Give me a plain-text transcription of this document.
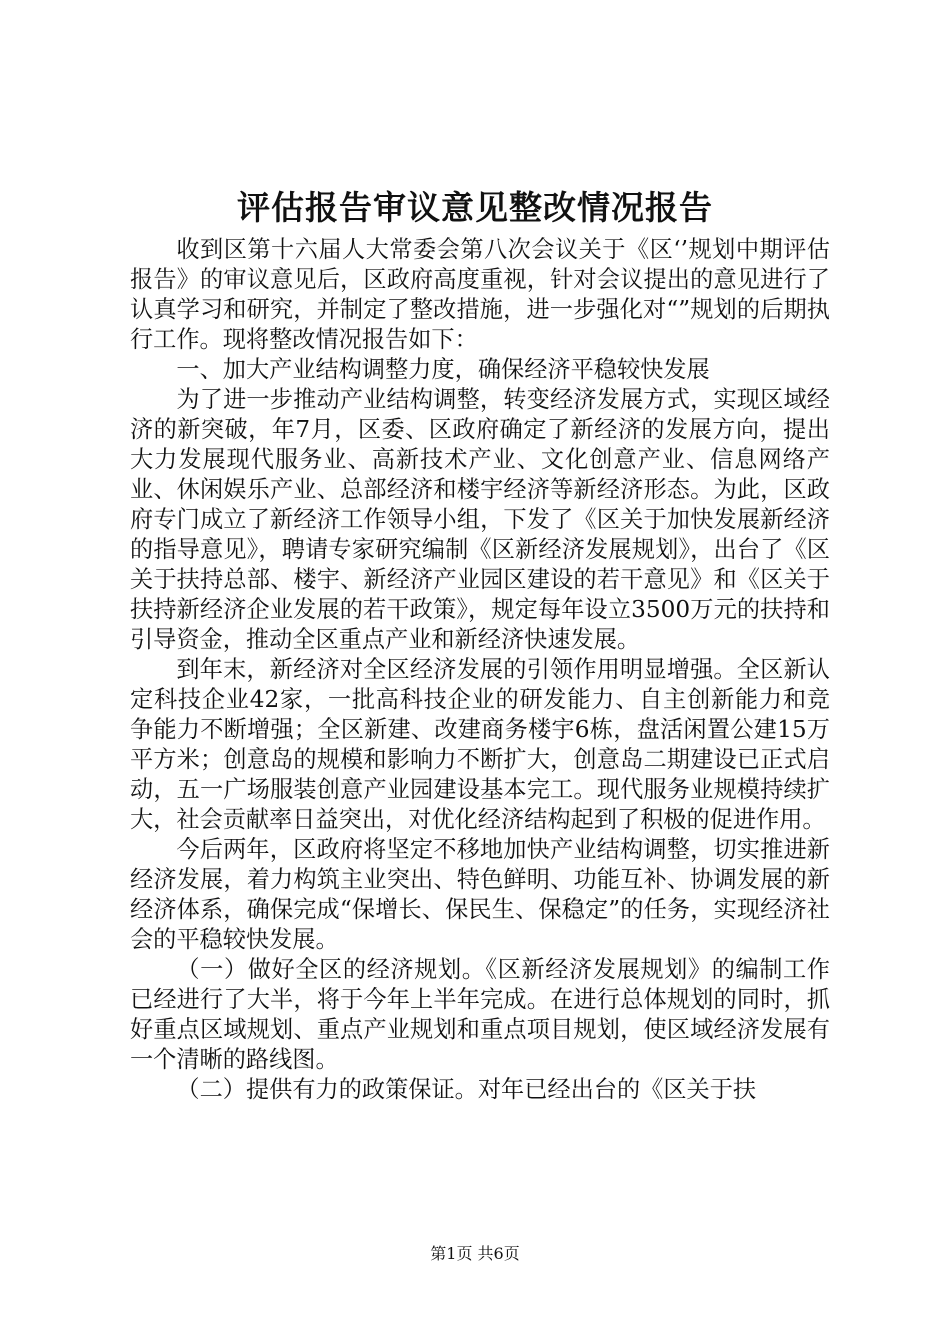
评估报告审议意见整改情况报告

收到区第十六届人大常委会第八次会议关于《区‘’规划中期评估报告》的审议意见后，区政府高度重视，针对会议提出的意见进行了认真学习和研究，并制定了整改措施，进一步强化对“”规划的后期执行工作。现将整改情况报告如下：

一、加大产业结构调整力度，确保经济平稳较快发展

为了进一步推动产业结构调整，转变经济发展方式，实现区域经济的新突破，年7月，区委、区政府确定了新经济的发展方向，提出大力发展现代服务业、高新技术产业、文化创意产业、信息网络产业、休闲娱乐产业、总部经济和楼宇经济等新经济形态。为此，区政府专门成立了新经济工作领导小组，下发了《区关于加快发展新经济的指导意见》，聘请专家研究编制《区新经济发展规划》，出台了《区关于扶持总部、楼宇、新经济产业园区建设的若干意见》和《区关于扶持新经济企业发展的若干政策》，规定每年设立3500万元的扶持和引导资金，推动全区重点产业和新经济快速发展。

到年末，新经济对全区经济发展的引领作用明显增强。全区新认定科技企业42家，一批高科技企业的研发能力、自主创新能力和竞争能力不断增强；全区新建、改建商务楼宇6栋，盘活闲置公建15万平方米；创意岛的规模和影响力不断扩大，创意岛二期建设已正式启动，五一广场服装创意产业园建设基本完工。现代服务业规模持续扩大，社会贡献率日益突出，对优化经济结构起到了积极的促进作用。

今后两年，区政府将坚定不移地加快产业结构调整，切实推进新经济发展，着力构筑主业突出、特色鲜明、功能互补、协调发展的新经济体系，确保完成“保增长、保民生、保稳定”的任务，实现经济社会的平稳较快发展。

（一）做好全区的经济规划。《区新经济发展规划》的编制工作已经进行了大半，将于今年上半年完成。在进行总体规划的同时，抓好重点区域规划、重点产业规划和重点项目规划，使区域经济发展有一个清晰的路线图。

（二）提供有力的政策保证。对年已经出台的《区关于扶

第1页 共6页
